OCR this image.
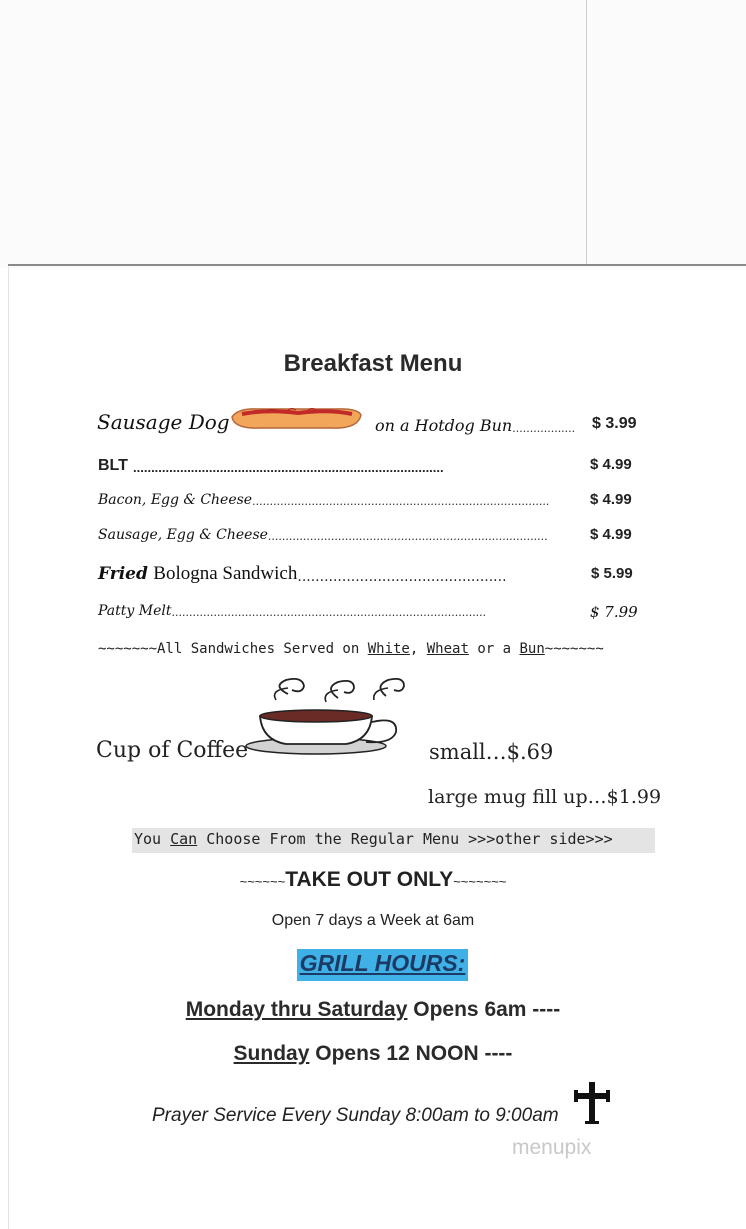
Breakfast Menu
Sausage Dog	on a Hotdog Bun..................	$ 3.99
BLT ......................................................................................	$ 4.99
Bacon, Egg & Cheese.....................................................................................	$ 4.99
Sausage, Egg & Cheese................................................................................	$ 4.99
Fried Bologna Sandwich...............................................	$ 5.99
Patty Melt..........................................................................................	$ 7.99
~~~~~~~All Sandwiches Served on White, Wheat or a Bun~~~~~~~
Cup of Coffee	small…$.69
large mug fill up…$1.99
You Can Choose From the Regular Menu >>>other side>>>
~~~~~~TAKE OUT ONLY~~~~~~~
Open 7 days a Week at 6am
GRILL HOURS:
Monday thru Saturday Opens 6am ----
Sunday Opens 12 NOON ----
Prayer Service Every Sunday 8:00am to 9:00am
menupix
